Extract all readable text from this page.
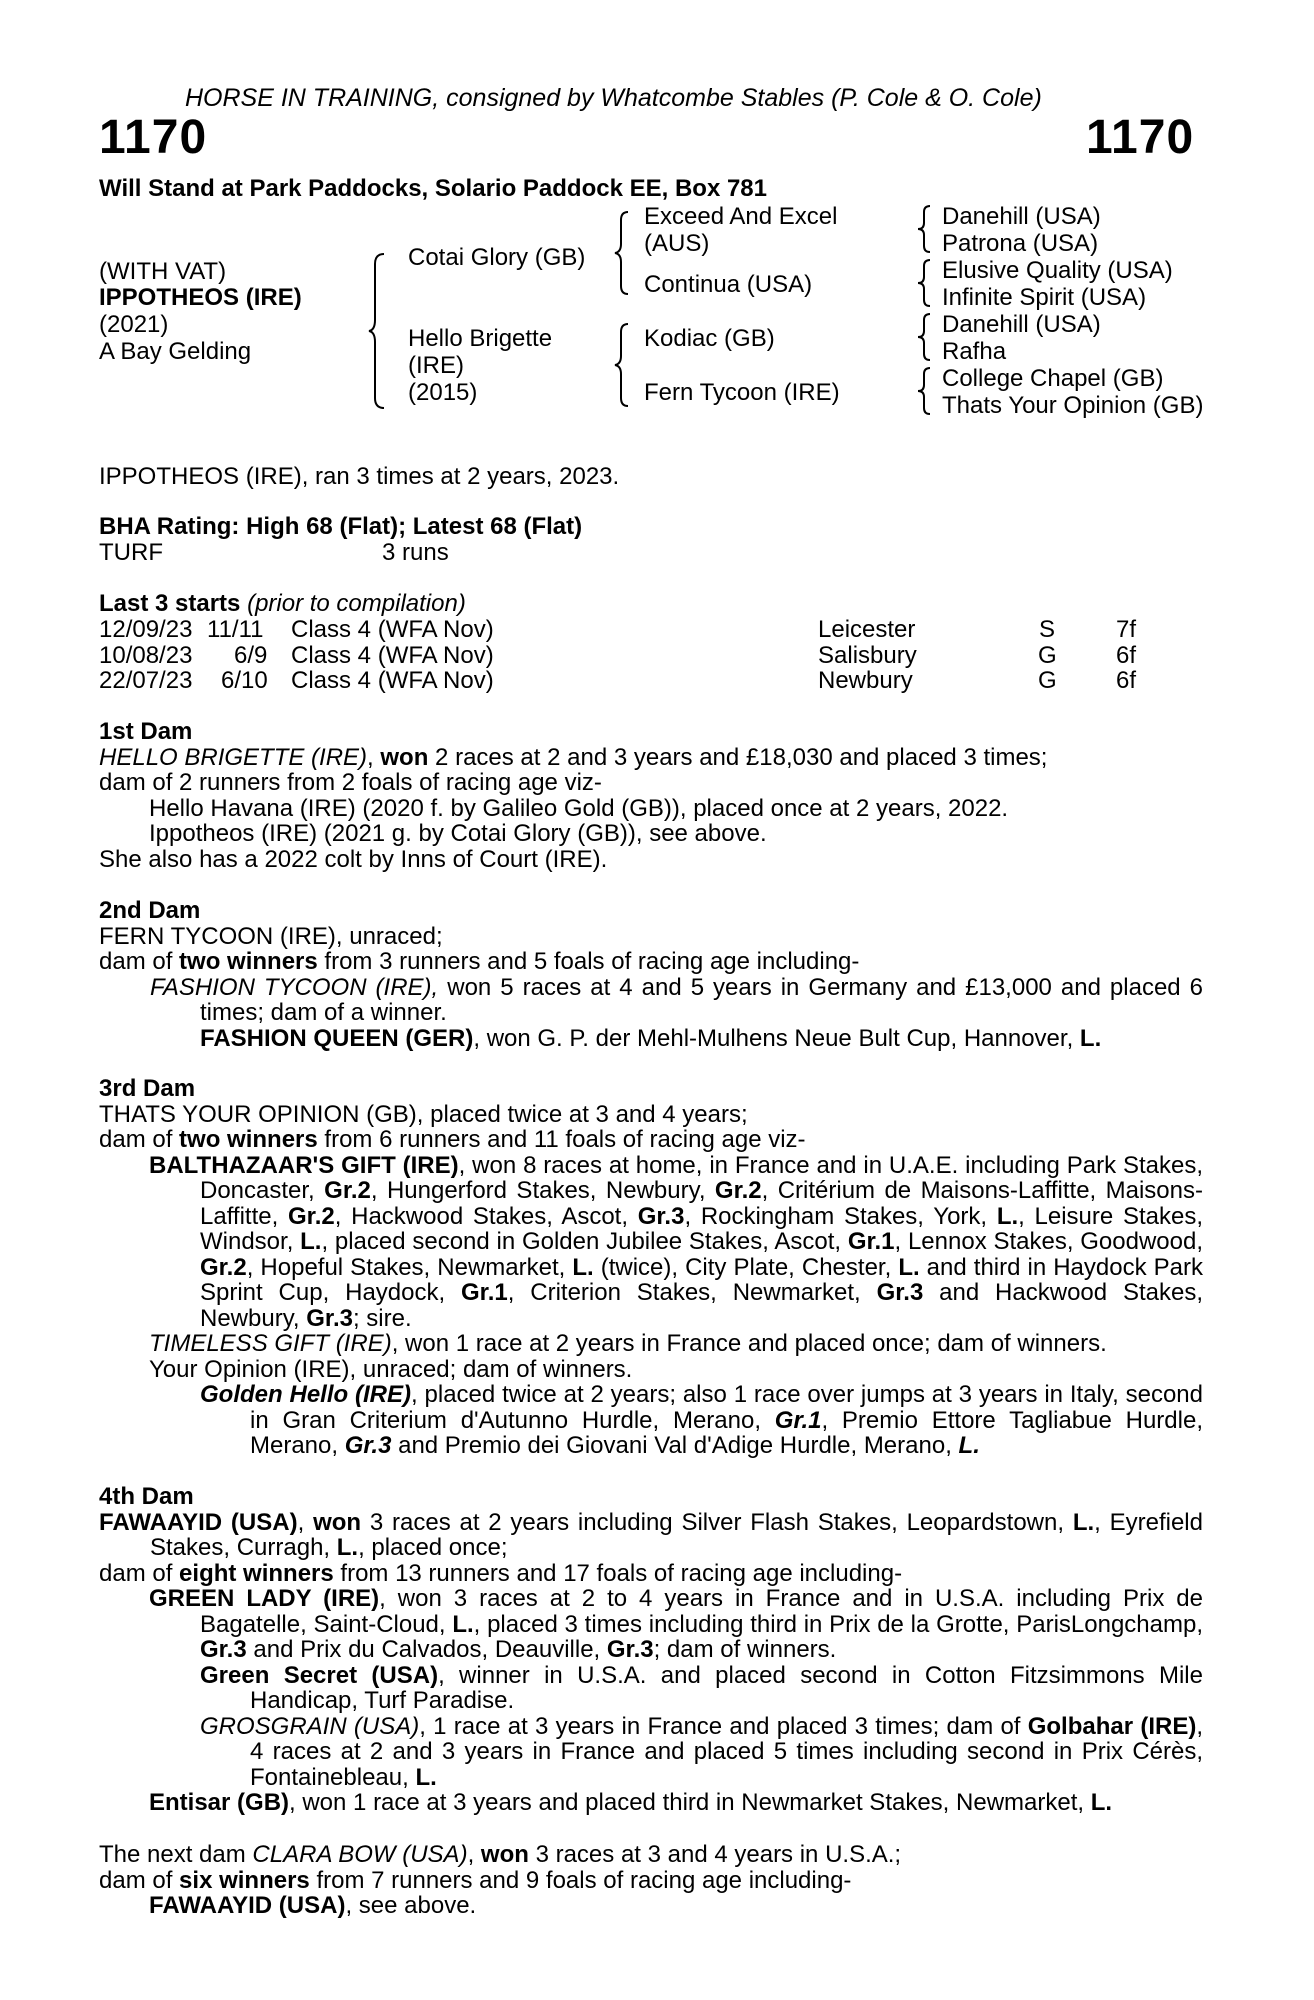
HORSE IN TRAINING, consigned by Whatcombe Stables (P. Cole & O. Cole)
1170	1170
Will Stand at Park Paddocks, Solario Paddock EE, Box 781
(WITH VAT)
IPPOTHEOS (IRE)
(2021)
A Bay Gelding
Cotai Glory (GB)
Hello Brigette
(IRE)
(2015)
Exceed And Excel
(AUS)
Continua (USA)
Kodiac (GB)
Fern Tycoon (IRE)
Danehill (USA)
Patrona (USA)
Elusive Quality (USA)
Infinite Spirit (USA)
Danehill (USA)
Rafha
College Chapel (GB)
Thats Your Opinion (GB)
IPPOTHEOS (IRE), ran 3 times at 2 years, 2023.
BHA Rating: High 68 (Flat); Latest 68 (Flat)
TURF	3 runs
Last 3 starts (prior to compilation)
12/09/23 11/11 Class 4 (WFA Nov)	Leicester	S	7f
10/08/23 6/9 Class 4 (WFA Nov)	Salisbury	G 6f
22/07/23 6/10 Class 4 (WFA Nov)	Newbury	G 6f
1st Dam
HELLO BRIGETTE (IRE), won 2 races at 2 and 3 years and £18,030 and placed 3 times;
dam of 2 runners from 2 foals of racing age viz-
Hello Havana (IRE) (2020 f. by Galileo Gold (GB)), placed once at 2 years, 2022.
Ippotheos (IRE) (2021 g. by Cotai Glory (GB)), see above.
She also has a 2022 colt by Inns of Court (IRE).
2nd Dam
FERN TYCOON (IRE), unraced;
dam of two winners from 3 runners and 5 foals of racing age including-
FASHION TYCOON (IRE), won 5 races at 4 and 5 years in Germany and £13,000 and placed 6 times; dam of a winner.
FASHION QUEEN (GER), won G. P. der Mehl-Mulhens Neue Bult Cup, Hannover, L.
3rd Dam
THATS YOUR OPINION (GB), placed twice at 3 and 4 years;
dam of two winners from 6 runners and 11 foals of racing age viz-
BALTHAZAAR'S GIFT (IRE), won 8 races at home, in France and in U.A.E. including Park Stakes, Doncaster, Gr.2, Hungerford Stakes, Newbury, Gr.2, Critérium de Maisons-Laffitte, Maisons-Laffitte, Gr.2, Hackwood Stakes, Ascot, Gr.3, Rockingham Stakes, York, L., Leisure Stakes, Windsor, L., placed second in Golden Jubilee Stakes, Ascot, Gr.1, Lennox Stakes, Goodwood, Gr.2, Hopeful Stakes, Newmarket, L. (twice), City Plate, Chester, L. and third in Haydock Park Sprint Cup, Haydock, Gr.1, Criterion Stakes, Newmarket, Gr.3 and Hackwood Stakes, Newbury, Gr.3; sire.
TIMELESS GIFT (IRE), won 1 race at 2 years in France and placed once; dam of winners.
Your Opinion (IRE), unraced; dam of winners.
Golden Hello (IRE), placed twice at 2 years; also 1 race over jumps at 3 years in Italy, second in Gran Criterium d'Autunno Hurdle, Merano, Gr.1, Premio Ettore Tagliabue Hurdle, Merano, Gr.3 and Premio dei Giovani Val d'Adige Hurdle, Merano, L.
4th Dam
FAWAAYID (USA), won 3 races at 2 years including Silver Flash Stakes, Leopardstown, L., Eyrefield Stakes, Curragh, L., placed once;
dam of eight winners from 13 runners and 17 foals of racing age including-
GREEN LADY (IRE), won 3 races at 2 to 4 years in France and in U.S.A. including Prix de Bagatelle, Saint-Cloud, L., placed 3 times including third in Prix de la Grotte, ParisLongchamp, Gr.3 and Prix du Calvados, Deauville, Gr.3; dam of winners.
Green Secret (USA), winner in U.S.A. and placed second in Cotton Fitzsimmons Mile Handicap, Turf Paradise.
GROSGRAIN (USA), 1 race at 3 years in France and placed 3 times; dam of Golbahar (IRE), 4 races at 2 and 3 years in France and placed 5 times including second in Prix Cérès, Fontainebleau, L.
Entisar (GB), won 1 race at 3 years and placed third in Newmarket Stakes, Newmarket, L.
The next dam CLARA BOW (USA), won 3 races at 3 and 4 years in U.S.A.;
dam of six winners from 7 runners and 9 foals of racing age including-
FAWAAYID (USA), see above.
